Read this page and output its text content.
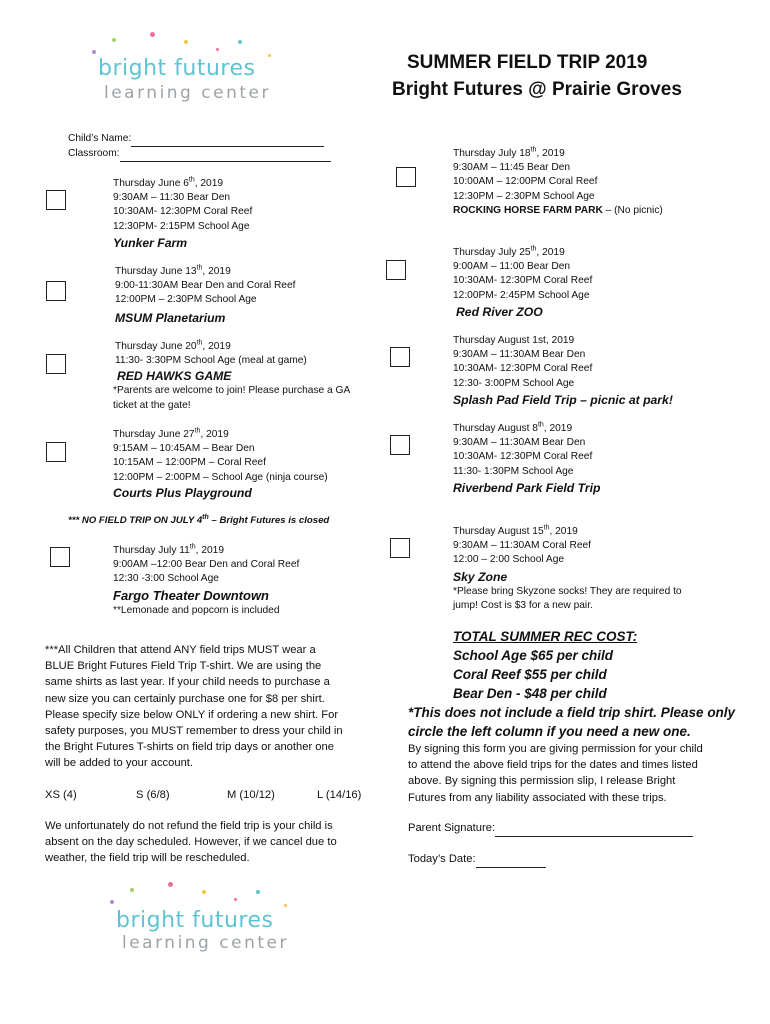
bright futures
learning center
SUMMER FIELD TRIP 2019
Bright Futures @ Prairie Groves
Child’s Name:
Classroom:

Thursday June 6th, 2019

9:30AM – 11:30 Bear Den

10:30AM- 12:30PM Coral Reef

12:30PM- 2:15PM School Age

Yunker Farm

Thursday June 13th, 2019

9:00-11:30AM Bear Den and Coral Reef

12:00PM – 2:30PM School Age

MSUM Planetarium

Thursday June 20th, 2019

11:30- 3:30PM School Age (meal at game)

RED HAWKS GAME

*Parents are welcome to join! Please purchase a GA

ticket at the gate!

Thursday June 27th, 2019

9:15AM – 10:45AM – Bear Den

10:15AM – 12:00PM – Coral Reef

12:00PM – 2:00PM – School Age (ninja course)

Courts Plus Playground

*** NO FIELD TRIP ON JULY 4th – Bright Futures is closed

Thursday July 11th, 2019

9:00AM –12:00 Bear Den and Coral Reef

12:30 -3:00 School Age

Fargo Theater Downtown

**Lemonade and popcorn is included

Thursday July 18th, 2019

9:30AM – 11:45 Bear Den

10:00AM – 12:00PM Coral Reef

12:30PM – 2:30PM School Age

ROCKING HORSE FARM PARK – (No picnic)

Thursday July 25th, 2019

9:00AM – 11:00 Bear Den

10:30AM- 12:30PM Coral Reef

12:00PM- 2:45PM School Age

Red River ZOO

Thursday August 1st, 2019

9:30AM – 11:30AM Bear Den

10:30AM- 12:30PM Coral Reef

12:30- 3:00PM School Age

Splash Pad Field Trip – picnic at park!

Thursday August 8th, 2019

9:30AM – 11:30AM Bear Den

10:30AM- 12:30PM Coral Reef

11:30- 1:30PM School Age

Riverbend Park Field Trip

Thursday August 15th, 2019

9:30AM – 11:30AM Coral Reef

12:00 – 2:00 School Age

Sky Zone

*Please bring Skyzone socks! They are required to

jump! Cost is $3 for a new pair.

***All Children that attend ANY field trips MUST wear a

BLUE Bright Futures Field Trip T-shirt. We are using the

same shirts as last year. If your child needs to purchase a

new size you can certainly purchase one for $8 per shirt.

Please specify size below ONLY if ordering a new shirt. For

safety purposes, you MUST remember to dress your child in

the Bright Futures T-shirts on field trip days or another one

will be added to your account.

XS (4)	S (6/8)	M (10/12)	L (14/16)

We unfortunately do not refund the field trip is your child is

absent on the day scheduled. However, if we cancel due to

weather, the field trip will be rescheduled.

TOTAL SUMMER REC COST:
School Age $65 per child
Coral Reef $55 per child
Bear Den - $48 per child
*This does not include a field trip shirt. Please only
circle the left column if you need a new one.

By signing this form you are giving permission for your child

to attend the above field trips for the dates and times listed

above. By signing this permission slip, I release Bright

Futures from any liability associated with these trips.

Parent Signature:
Today’s Date:
bright futures
learning center
